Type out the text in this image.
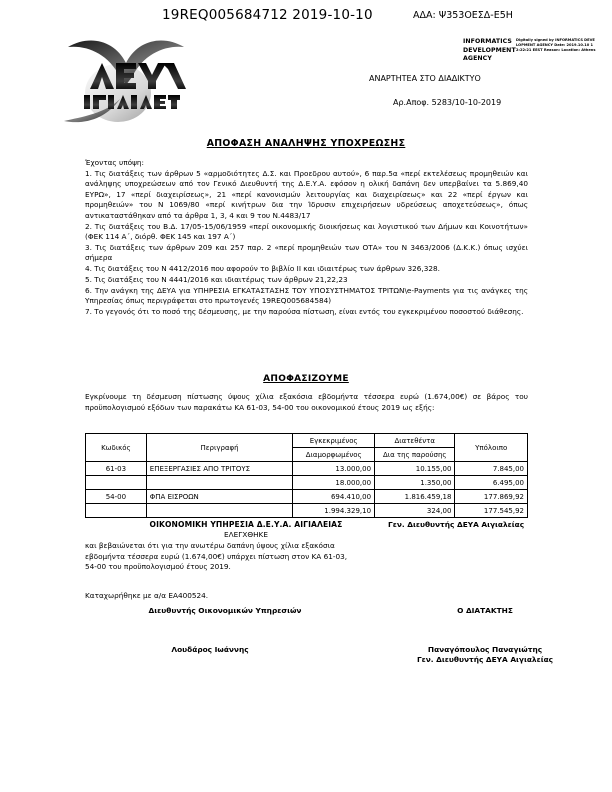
19REQ005684712 2019-10-10	ΑΔΑ: Ψ353ΟΕΣΔ-Ε5Η
INFORMATICS DEVELOPMENT AGENCY
Digitally signed by INFORMATICS DEVELOPMENT AGENCY Date: 2019.10.10 12:22:21 EEST Reason: Location: Athens
ΑΝΑΡΤΗΤΕΑ ΣΤΟ ΔΙΑΔΙΚΤΥΟ
Αρ.Αποφ. 5283/10-10-2019
ΑΠΟΦΑΣΗ ΑΝΑΛΗΨΗΣ ΥΠΟΧΡΕΩΣΗΣ
Έχοντας υπόψη:

1. Τις διατάξεις των άρθρων 5 «αρμοδιότητες Δ.Σ. και Προεδρου αυτού», 6 παρ.5α «περί εκτελέσεως προμηθειών και ανάληψης υποχρεώσεων από τον Γενικό Διευθυντή της Δ.Ε.Υ.Α. εφόσον η ολική δαπάνη δεν υπερβαίνει τα 5.869,40 ΕΥΡΩ», 17 «περί διαχειρίσεως», 21 «περί κανονισμών λειτουργίας και διαχειρίσεως» και 22 «περί έργων και προμηθειών» του Ν 1069/80 «περί κινήτρων δια την Ίδρυσιν επιχειρήσεων υδρεύσεως αποχετεύσεως», όπως αντικαταστάθηκαν από τα άρθρα 1, 3, 4 και 9 του Ν.4483/17

2. Τις διατάξεις του Β.Δ. 17/05-15/06/1959 «περί οικονομικής διοικήσεως και λογιστικού των Δήμων και Κοινοτήτων» (ΦΕΚ 114 Α΄, διόρθ. ΦΕΚ 145 και 197 Α΄)

3. Τις διατάξεις των άρθρων 209 και 257 παρ. 2 «περί προμηθειών των ΟΤΑ» του Ν 3463/2006 (Δ.Κ.Κ.) όπως ισχύει σήμερα

4. Τις διατάξεις του Ν 4412/2016 που αφορούν το βιβλίο ΙΙ και ιδιαιτέρως των άρθρων 326,328.

5. Τις διατάξεις του Ν 4441/2016 και ιδιαιτέρως των άρθρων 21,22,23

6. Την ανάγκη της ΔΕΥΑ για ΥΠΗΡΕΣΙΑ ΕΓΚΑΤΑΣΤΑΣΗΣ ΤΟΥ ΥΠΟΣΥΣΤΗΜΑΤΟΣ ΤΡΙΤΩΝ\e-Payments για τις ανάγκες της Υπηρεσίας όπως περιγράφεται στο πρωτογενές 19REQ005684584)

7. Το γεγονός ότι το ποσό της δέσμευσης, με την παρούσα πίστωση, είναι εντός του εγκεκριμένου ποσοστού διάθεσης.

ΑΠΟΦΑΣΙΖΟΥΜΕ
Εγκρίνουμε τη δέσμευση πίστωσης ύψους χίλια εξακόσια εβδομήντα τέσσερα ευρώ (1.674,00€) σε βάρος του προϋπολογισμού εξόδων των παρακάτω ΚΑ 61-03, 54-00 του οικονομικού έτους 2019 ως εξής:
Κωδικός	Περιγραφή	Εγκεκριμένος	Διατεθέντα	Υπόλοιπο
		Διαμορφωμένος	Δια της παρούσης	
61-03	ΕΠΕΞΕΡΓΑΣΙΕΣ ΑΠΟ ΤΡΙΤΟΥΣ	13.000,00	10.155,00	7.845,00
		18.000,00	1.350,00	6.495,00
54-00	ΦΠΑ ΕΙΣΡΟΩΝ	694.410,00	1.816.459,18	177.869,92
		1.994.329,10	324,00	177.545,92
ΟΙΚΟΝΟΜΙΚΗ ΥΠΗΡΕΣΙΑ Δ.Ε.Υ.Α. ΑΙΓΙΑΛΕΙΑΣ
ΕΛΕΓΧΘΗΚΕ
και βεβαιώνεται ότι για την ανωτέρω δαπάνη ύψους χίλια εξακόσια εβδομήντα τέσσερα ευρώ (1.674,00€) υπάρχει πίστωση στον ΚΑ 61-03, 54-00 του προϋπολογισμού έτους 2019.
Γεν. Διευθυντής ΔΕΥΑ Αιγιαλείας
Καταχωρήθηκε με α/α ΕΑ400524.
Διευθυντής Οικονομικών Υπηρεσιών	Ο ΔΙΑΤΑΚΤΗΣ
Λουδάρος Ιωάννης	Παναγόπουλος Παναγιώτης
Γεν. Διευθυντής ΔΕΥΑ Αιγιαλείας
